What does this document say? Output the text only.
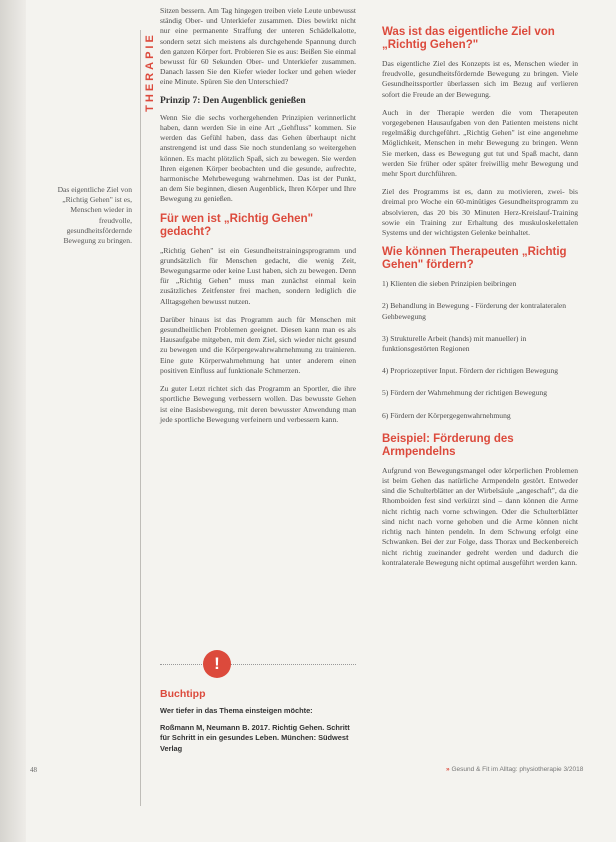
THERAPIE
Das eigentliche Ziel von „Richtig Gehen" ist es, Menschen wieder in freudvolle, gesundheitsfördernde Bewegung zu bringen.

Sitzen bessern. Am Tag hingegen treiben viele Leute unbewusst ständig Ober- und Unterkiefer zusammen. Dies bewirkt nicht nur eine permanente Straffung der unteren Schädelkalotte, sondern setzt sich meistens als durchgehende Spannung durch den ganzen Körper fort. Probieren Sie es aus: Beißen Sie einmal bewusst für 60 Sekunden Ober- und Unterkiefer zusammen. Danach lassen Sie den Kiefer wieder locker und gehen wieder eine Minute. Spüren Sie den Unterschied?

Prinzip 7: Den Augenblick genießen

Wenn Sie die sechs vorhergehenden Prinzipien verinnerlicht haben, dann werden Sie in eine Art „Gehfluss" kommen. Sie werden das Gefühl haben, dass das Gehen überhaupt nicht anstrengend ist und dass Sie noch stundenlang so weitergehen können. Es macht plötzlich Spaß, sich zu bewegen. Sie werden Ihren eigenen Körper beobachten und die gesunde, aufrechte, harmonische Mehrbewegung wahrnehmen. Das ist der Punkt, an dem Sie beginnen, diesen Augenblick, Ihren Körper und Ihre Bewegung zu genießen.

Für wen ist „Richtig Gehen" gedacht?

„Richtig Gehen" ist ein Gesundheitstrainingsprogramm und grundsätzlich für Menschen gedacht, die wenig Zeit, Bewegungsarme oder keine Lust haben, sich zu bewegen. Denn für „Richtig Gehen" muss man zunächst einmal kein zusätzliches Zeitfenster frei machen, sondern lediglich die Alltagsgehen bewusst nutzen.

Darüber hinaus ist das Programm auch für Menschen mit gesundheitlichen Problemen geeignet. Diesen kann man es als Hausaufgabe mitgeben, mit dem Ziel, sich wieder nicht gesund zu bewegen und die Körpergewahrwahrnehmung zu trainieren. Eine gute Körperwahrnehmung hat unter anderem einen positiven Einfluss auf funktionale Schmerzen.

Zu guter Letzt richtet sich das Programm an Sportler, die ihre sportliche Bewegung verbessern wollen. Das bewusste Gehen ist eine Basisbewegung, mit deren bewusster Anwendung man jede sportliche Bewegung verfeinern und verbessern kann.

!
Buchtipp
Wer tiefer in das Thema einsteigen möchte:
Roßmann M, Neumann B. 2017. Richtig Gehen. Schritt für Schritt in ein gesundes Leben. München: Südwest Verlag

Was ist das eigentliche Ziel von „Richtig Gehen?"

Das eigentliche Ziel des Konzepts ist es, Menschen wieder in freudvolle, gesundheitsfördernde Bewegung zu bringen. Viele Gesundheitssportler überlassen sich im Bezug auf verlieren sofort die Freude an der Bewegung.

Auch in der Therapie werden die vom Therapeuten vorgegebenen Hausaufgaben von den Patienten meistens nicht regelmäßig durchgeführt. „Richtig Gehen" ist eine angenehme Möglichkeit, Menschen in mehr Bewegung zu bringen. Wenn Sie merken, dass es Bewegung gut tut und Spaß macht, dann werden Sie früher oder später freiwillig mehr Bewegung und mehr Sport durchführen.

Ziel des Programms ist es, dann zu motivieren, zwei- bis dreimal pro Woche ein 60-minütiges Gesundheitsprogramm zu absolvieren, das 20 bis 30 Minuten Herz-Kreislauf-Training sowie ein Training zur Erhaltung des muskuloskelettalen Systems und der wichtigsten Gelenke beinhaltet.

Wie können Therapeuten „Richtig Gehen" fördern?

1) Klienten die sieben Prinzipien beibringen
2) Behandlung in Bewegung - Förderung der kontralateralen Gehbewegung
3) Strukturelle Arbeit (hands) mit manueller) in funktionsgestörten Regionen
4) Propriozeptiver Input. Fördern der richtigen Bewegung
5) Fördern der Wahrnehmung der richtigen Bewegung
6) Fördern der Körpergegenwahrnehmung

Beispiel: Förderung des Armpendelns

Aufgrund von Bewegungsmangel oder körperlichen Problemen ist beim Gehen das natürliche Armpendeln gestört. Entweder sind die Schulterblätter an der Wirbelsäule „angeschaft", da die Rhomboiden fest sind verkürzt sind – dann können die Arme nicht richtig nach vorne schwingen. Oder die Schulterblätter sind nicht nach vorne gehoben und die Arme können nicht richtig nach hinten pendeln. In dem Schwung erfolgt eine Schwanken. Bei der zur Folge, dass Thorax und Beckenbereich nicht richtig zueinander gedreht werden und dadurch die kontralaterale Bewegung nicht optimal ausgeführt werden kann.

48	» Gesund & Fit im Alltag: physiotherapie 3/2018
